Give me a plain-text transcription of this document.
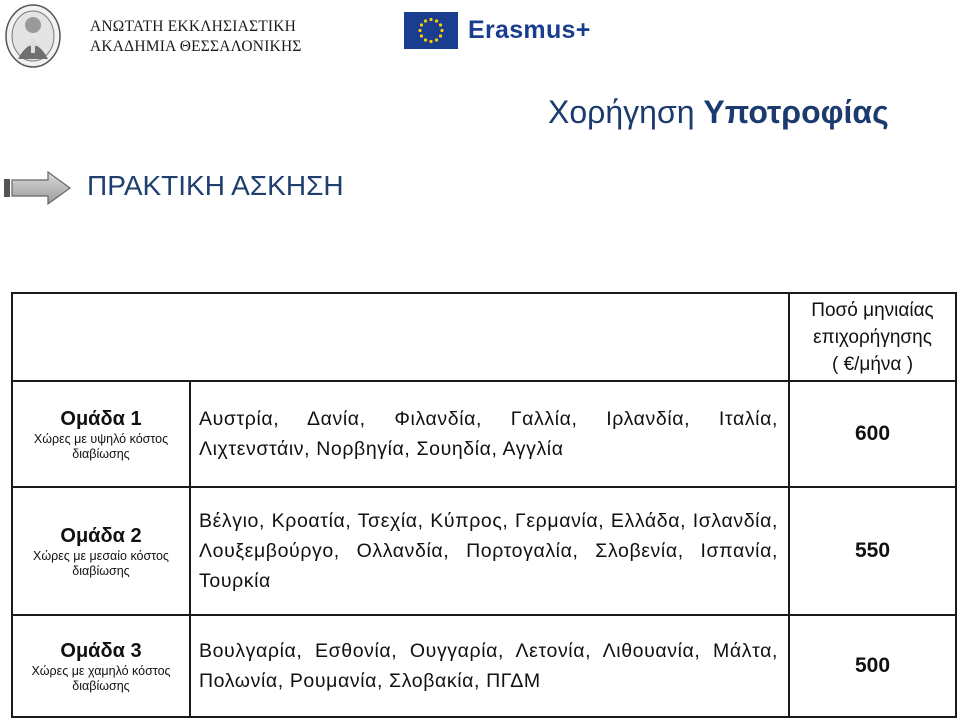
ΑΝΩΤΑΤΗ ΕΚΚΛΗΣΙΑΣΤΙΚΗ
ΑΚΑΔΗΜΙΑ ΘΕΣΣΑΛΟΝΙΚΗΣ
Erasmus+
Χορήγηση Υποτροφίας
ΠΡΑΚΤΙΚΗ ΑΣΚΗΣΗ

		Ποσό μηνιαίας
επιχορήγησης
( €/μήνα )

Ομάδα 1
Χώρες με υψηλό κόστος
διαβίωσης	Αυστρία, Δανία, Φιλανδία, Γαλλία, Ιρλανδία, Ιταλία, Λιχτενστάιν, Νορβηγία, Σουηδία, Αγγλία	600

Ομάδα 2
Χώρες με μεσαίο κόστος
διαβίωσης	Βέλγιο, Κροατία, Τσεχία, Κύπρος, Γερμανία, Ελλάδα, Ισλανδία, Λουξεμβούργο, Ολλανδία, Πορτογαλία, Σλοβενία, Ισπανία, Τουρκία	550

Ομάδα 3
Χώρες με χαμηλό κόστος
διαβίωσης	Βουλγαρία, Εσθονία, Ουγγαρία, Λετονία, Λιθουανία, Μάλτα, Πολωνία, Ρουμανία, Σλοβακία, ΠΓΔΜ	500
